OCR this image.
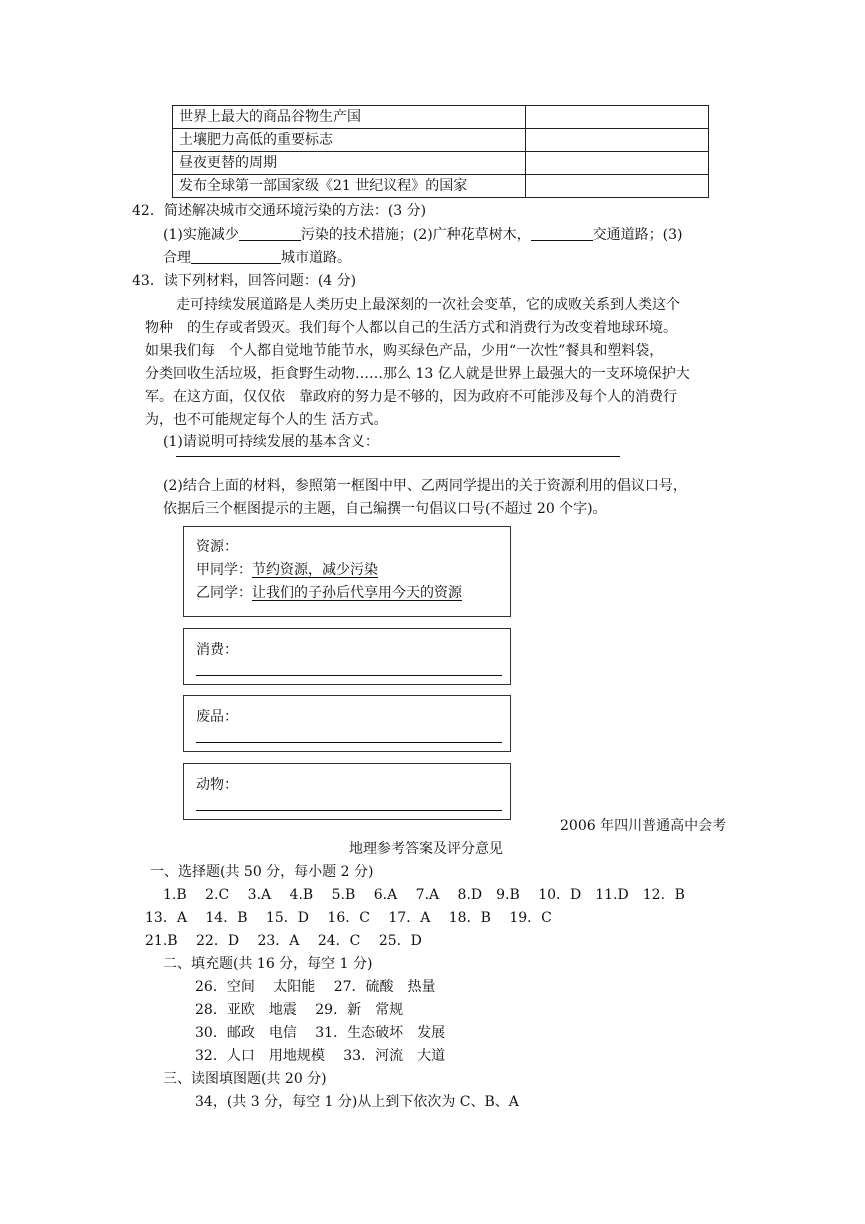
世界上最大的商品谷物生产国	
土壤肥力高低的重要标志	
昼夜更替的周期	
发布全球第一部国家级《21 世纪议程》的国家	
42．简述解决城市交通环境污染的方法：(3 分)
(1)实施减少	污染的技术措施；(2)广种花草树木，	交通道路；(3)
合理	城市道路。
43．读下列材料，回答问题：(4 分)
走可持续发展道路是人类历史上最深刻的一次社会变革，它的成败关系到人类这个
物种　的生存或者毁灭。我们每个人都以自己的生活方式和消费行为改变着地球环境。
如果我们每　个人都自觉地节能节水，购买绿色产品，少用“一次性”餐具和塑料袋，
分类回收生活垃圾，拒食野生动物……那么 13 亿人就是世界上最强大的一支环境保护大
军。在这方面，仅仅依　靠政府的努力是不够的，因为政府不可能涉及每个人的消费行
为，也不可能规定每个人的生 活方式。
(1)请说明可持续发展的基本含义：
(2)结合上面的材料，参照第一框图中甲、乙两同学提出的关于资源利用的倡议口号，
依据后三个框图提示的主题，自己编撰一句倡议口号(不超过 20 个字)。
资源：
甲同学：节约资源，减少污染
乙同学：让我们的子孙后代享用今天的资源
消费：
废品：
动物：
2006 年四川普通高中会考
地理参考答案及评分意见
一、选择题(共 50 分，每小题 2 分)
1.B　 2.C　 3.A　 4.B　 5.B　 6.A　 7.A　 8.D　9.B　 10．D　11.D　12．B
13．A　 14．B　 15．D　 16．C　 17．A　 18．B　 19．C
21.B　 22．D　 23．A　 24．C　 25．D
二、填充题(共 16 分，每空 1 分)
26．空间　 太阳能　 27．硫酸　热量
28．亚欧　地震　 29．新　常规
30．邮政　电信　 31．生态破坏　发展
32．人口　用地规模　 33．河流　大道
三、读图填图题(共 20 分)
34，(共 3 分，每空 1 分)从上到下依次为 C、B、A
